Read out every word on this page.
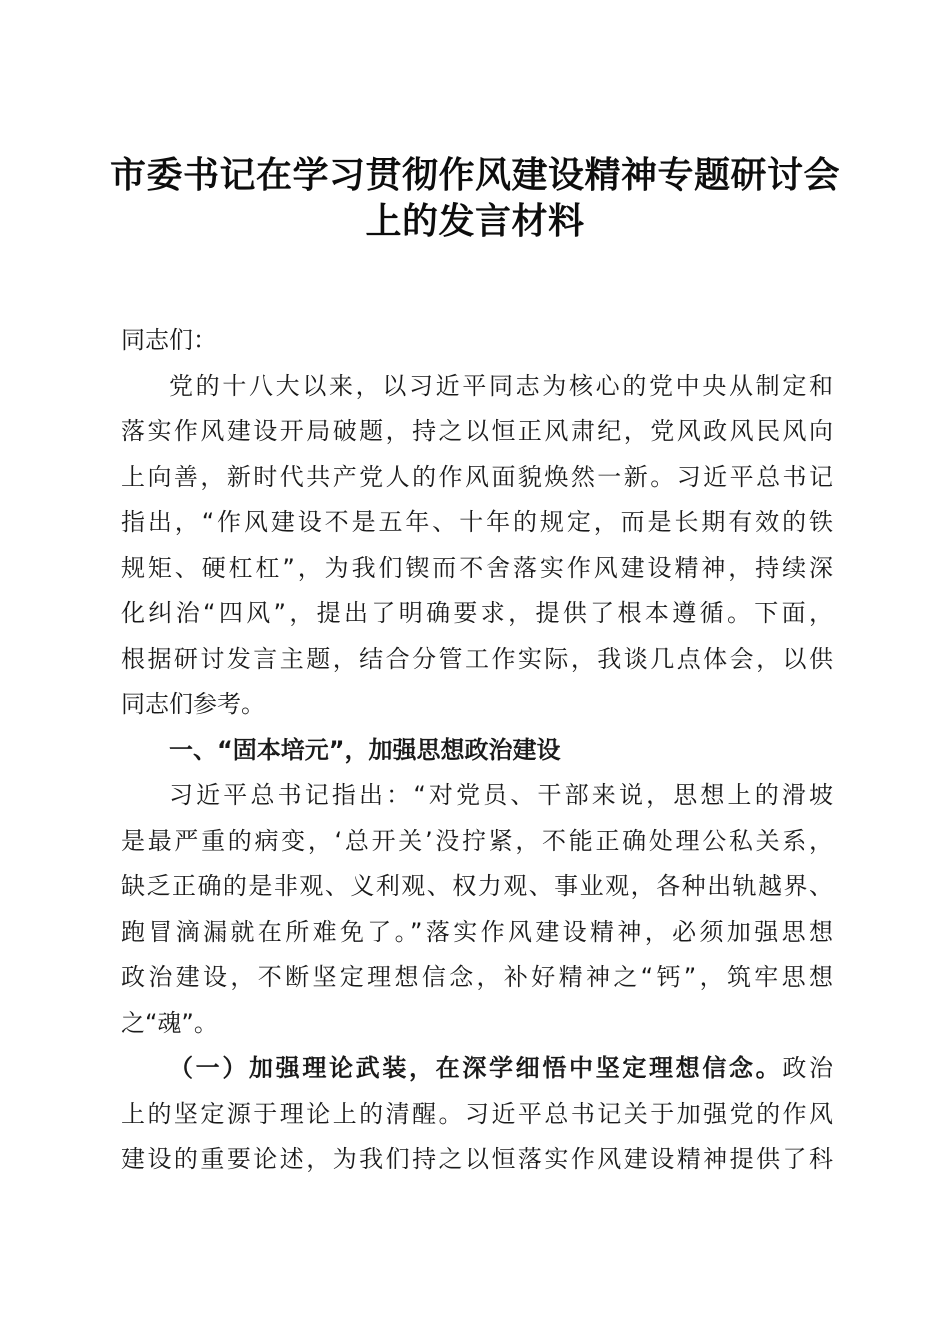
市委书记在学习贯彻作风建设精神专题研讨会
上的发言材料
同志们：
党的十八大以来，以习近平同志为核心的党中央从制定和
落实作风建设开局破题，持之以恒正风肃纪，党风政风民风向
上向善，新时代共产党人的作风面貌焕然一新。习近平总书记
指出，“作风建设不是五年、十年的规定，而是长期有效的铁
规矩、硬杠杠”，为我们锲而不舍落实作风建设精神，持续深
化纠治“四风”，提出了明确要求，提供了根本遵循。下面，
根据研讨发言主题，结合分管工作实际，我谈几点体会，以供
同志们参考。
一、“固本培元”，加强思想政治建设
习近平总书记指出：“对党员、干部来说，思想上的滑坡
是最严重的病变，‘总开关’没拧紧，不能正确处理公私关系，
缺乏正确的是非观、义利观、权力观、事业观，各种出轨越界、
跑冒滴漏就在所难免了。”落实作风建设精神，必须加强思想
政治建设，不断坚定理想信念，补好精神之“钙”，筑牢思想
之“魂”。
（一）加强理论武装，在深学细悟中坚定理想信念。政治
上的坚定源于理论上的清醒。习近平总书记关于加强党的作风
建设的重要论述，为我们持之以恒落实作风建设精神提供了科
